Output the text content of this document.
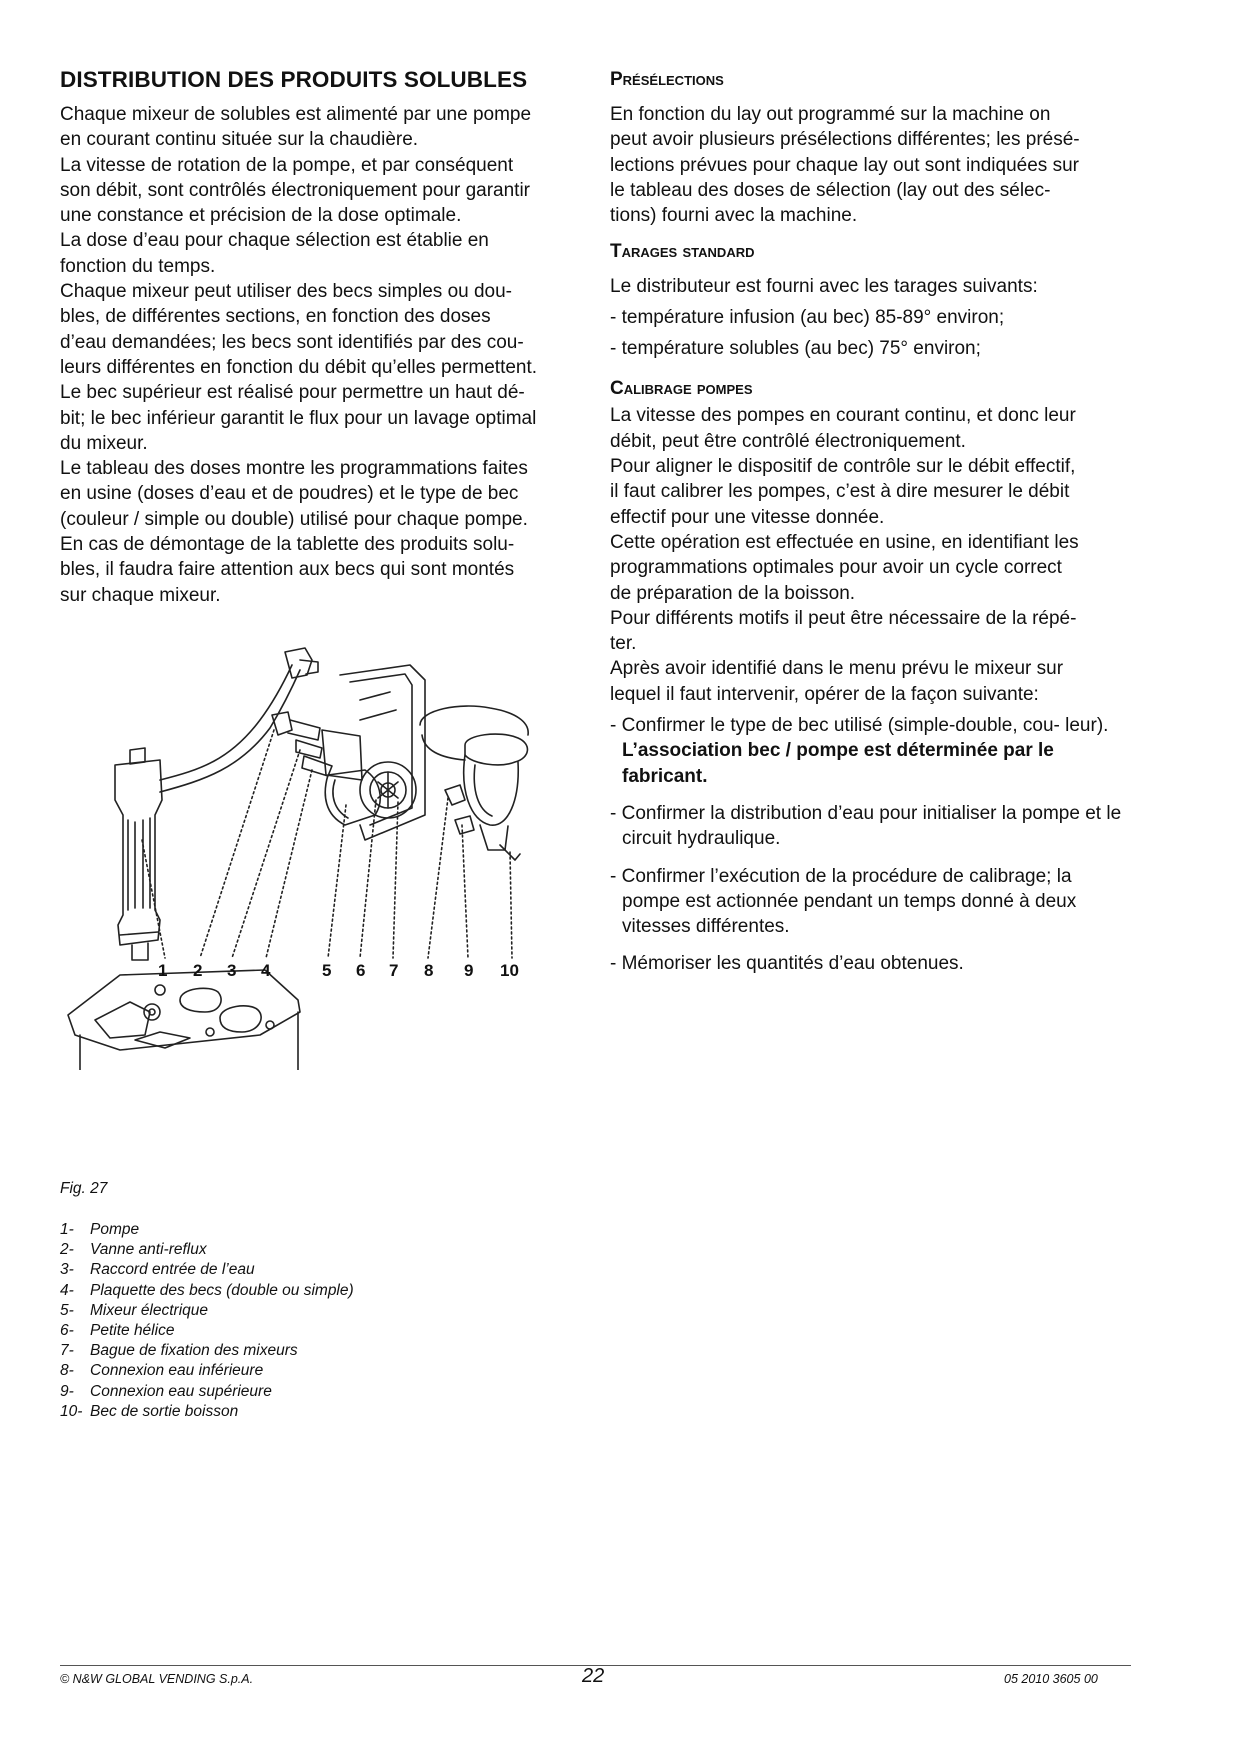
DISTRIBUTION DES PRODUITS SOLUBLES

Chaque mixeur de solubles est alimenté par une pompe

en courant continu située sur la chaudière.

La vitesse de rotation de la pompe, et par conséquent

son débit, sont contrôlés électroniquement pour garantir

une constance et précision de la dose optimale.

La dose d’eau pour chaque sélection est établie en

fonction du temps.

Chaque mixeur peut utiliser des becs simples ou dou-

bles, de différentes sections, en fonction des doses

d’eau demandées; les becs sont identifiés par des cou-

leurs différentes en fonction du débit qu’elles permettent.

Le bec supérieur est réalisé pour permettre un haut dé-

bit; le bec inférieur garantit le flux pour un lavage optimal

du mixeur.

Le tableau des doses montre les programmations faites

en usine (doses d’eau et de poudres) et le type de bec

(couleur / simple ou double) utilisé pour chaque pompe.

En cas de démontage de la tablette des produits solu-

bles, il faudra faire attention aux becs qui sont montés

sur chaque mixeur.

1 2 3 4	5 6 7 8 9 10
Fig. 27
1-	Pompe
2-	Vanne anti-reflux
3-	Raccord entrée de l’eau
4-	Plaquette des becs (double ou simple)
5-	Mixeur électrique
6-	Petite hélice
7-	Bague de fixation des mixeurs
8-	Connexion eau inférieure
9-	Connexion eau supérieure
10- Bec de sortie boisson
Présélections

En fonction du lay out programmé sur la machine on

peut avoir plusieurs présélections différentes; les présé-

lections prévues pour chaque lay out sont indiquées sur

le tableau des doses de sélection (lay out des sélec-

tions) fourni avec la machine.

Tarages standard
Le distributeur est fourni avec les tarages suivants:
- température infusion (au bec) 85-89° environ;
- température solubles (au bec) 75° environ;
Calibrage pompes

La vitesse des pompes en courant continu, et donc leur

débit, peut être contrôlé électroniquement.

Pour aligner le dispositif de contrôle sur le débit effectif,

il faut calibrer les pompes, c’est à dire mesurer le débit

effectif pour une vitesse donnée.

Cette opération est effectuée en usine, en identifiant les

programmations optimales pour avoir un cycle correct

de préparation de la boisson.

Pour différents motifs il peut être nécessaire de la répé-

ter.

Après avoir identifié dans le menu prévu le mixeur sur

lequel il faut intervenir, opérer de la façon suivante:

- Confirmer le type de bec utilisé (simple-double, cou- leur). L’association bec / pompe est déterminée par le fabricant.
- Confirmer la distribution d’eau pour initialiser la pompe et le circuit hydraulique.
- Confirmer l’exécution de la procédure de calibrage; la pompe est actionnée pendant un temps donné à deux vitesses différentes.
- Mémoriser les quantités d’eau obtenues.
© N&W GLOBAL VENDING S.p.A.	22	05 2010 3605 00
